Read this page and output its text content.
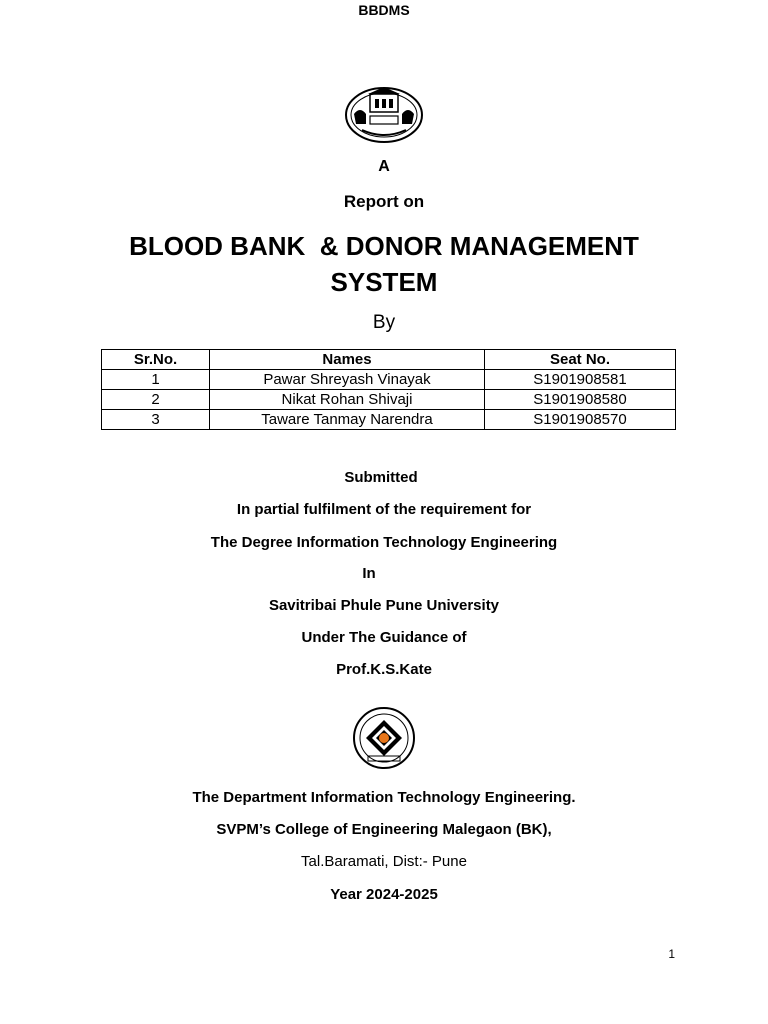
BBDMS
A
Report on
BLOOD BANK  & DONOR MANAGEMENT
SYSTEM
By
Sr.No.	Names	Seat No.
1	Pawar Shreyash Vinayak	S1901908581
2	Nikat Rohan Shivaji	S1901908580
3	Taware Tanmay Narendra	S1901908570
Submitted
In partial fulfilment of the requirement for
The Degree Information Technology Engineering
In
Savitribai Phule Pune University
Under The Guidance of
Prof.K.S.Kate
The Department Information Technology Engineering.
SVPM’s College of Engineering Malegaon (BK),
Tal.Baramati, Dist:- Pune
Year 2024-2025
1
